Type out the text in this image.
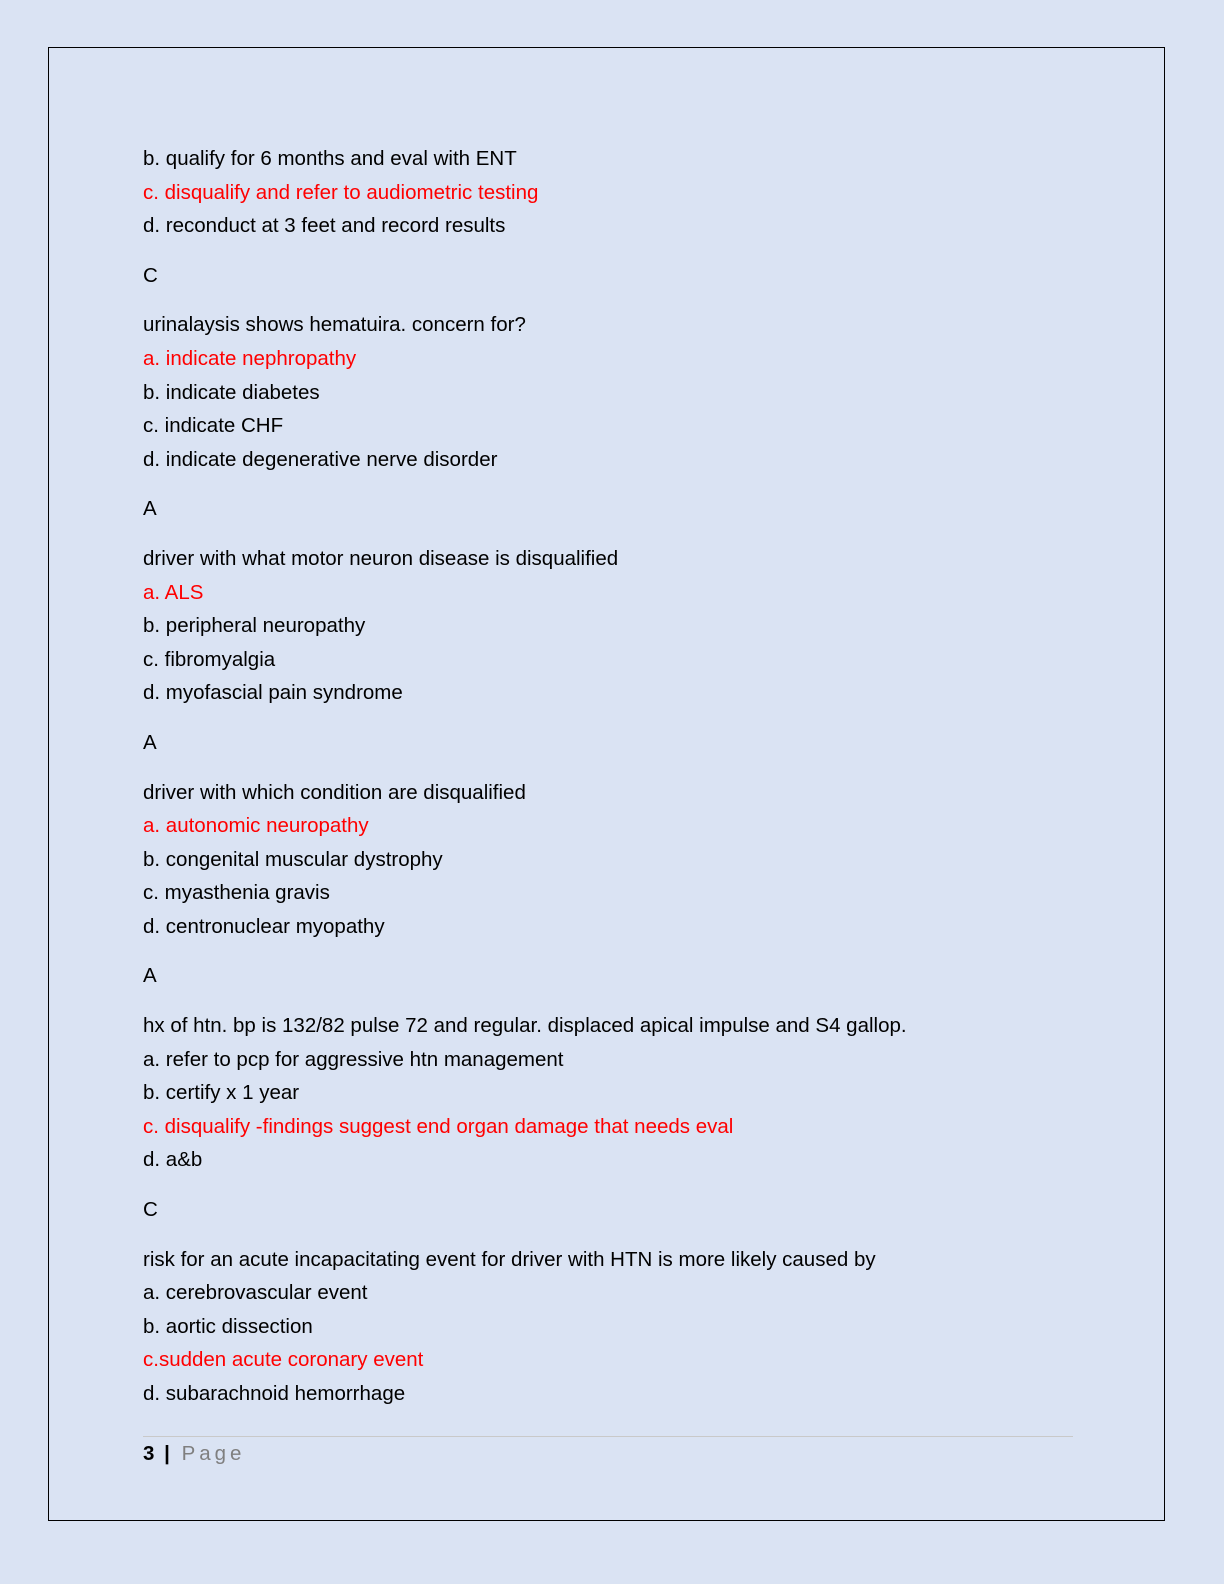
b. qualify for 6 months and eval with ENT
c. disqualify and refer to audiometric testing
d. reconduct at 3 feet and record results
C
urinalaysis shows hematuira. concern for?
a. indicate nephropathy
b. indicate diabetes
c. indicate CHF
d. indicate degenerative nerve disorder
A
driver with what motor neuron disease is disqualified
a. ALS
b. peripheral neuropathy
c. fibromyalgia
d. myofascial pain syndrome
A
driver with which condition are disqualified
a. autonomic neuropathy
b. congenital muscular dystrophy
c. myasthenia gravis
d. centronuclear myopathy
A
hx of htn. bp is 132/82 pulse 72 and regular. displaced apical impulse and S4 gallop.
a. refer to pcp for aggressive htn management
b. certify x 1 year
c. disqualify -findings suggest end organ damage that needs eval
d. a&b
C
risk for an acute incapacitating event for driver with HTN is more likely caused by
a. cerebrovascular event
b. aortic dissection
c.sudden acute coronary event
d. subarachnoid hemorrhage
3 | Page
